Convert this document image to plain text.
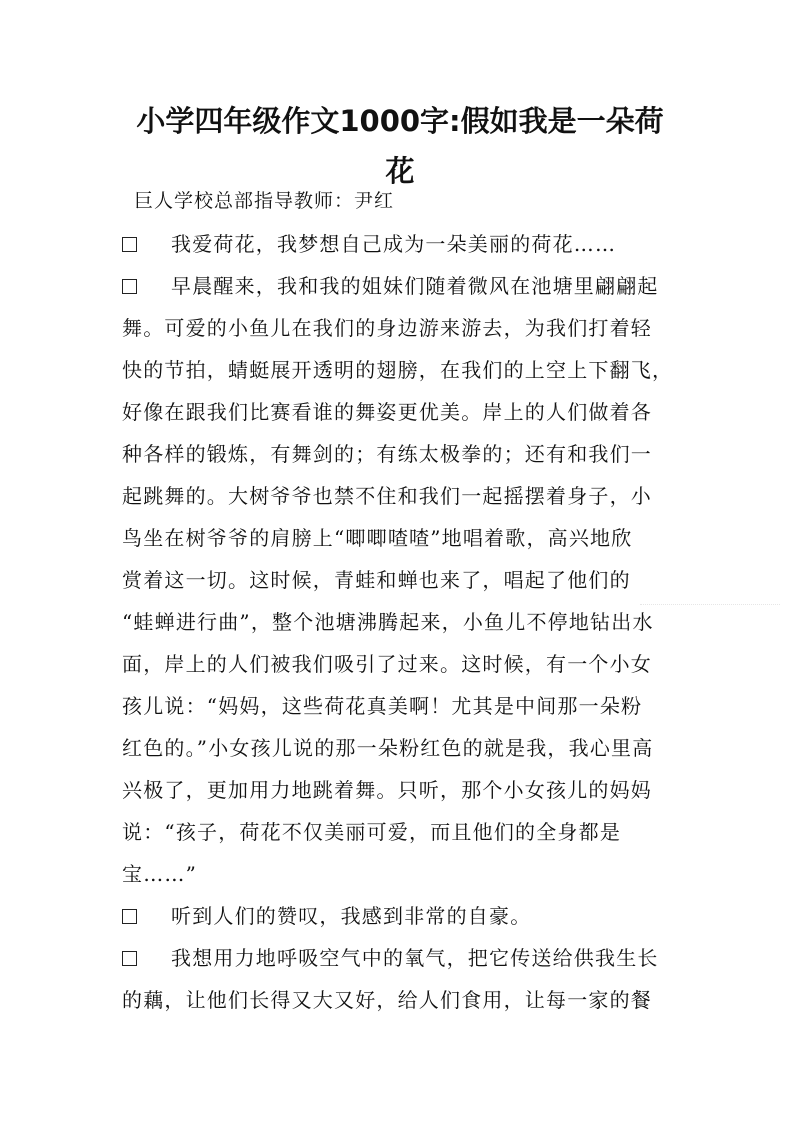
小学四年级作文1000字:假如我是一朵荷
花
巨人学校总部指导教师：尹红
我爱荷花，我梦想自己成为一朵美丽的荷花……
早晨醒来，我和我的姐妹们随着微风在池塘里翩翩起
舞。可爱的小鱼儿在我们的身边游来游去，为我们打着轻
快的节拍，蜻蜓展开透明的翅膀，在我们的上空上下翻飞，
好像在跟我们比赛看谁的舞姿更优美。岸上的人们做着各
种各样的锻炼，有舞剑的；有练太极拳的；还有和我们一
起跳舞的。大树爷爷也禁不住和我们一起摇摆着身子，小
鸟坐在树爷爷的肩膀上“唧唧喳喳”地唱着歌，高兴地欣
赏着这一切。这时候，青蛙和蝉也来了，唱起了他们的
“蛙蝉进行曲”，整个池塘沸腾起来，小鱼儿不停地钻出水
面，岸上的人们被我们吸引了过来。这时候，有一个小女
孩儿说：“妈妈，这些荷花真美啊！尤其是中间那一朵粉
红色的。”小女孩儿说的那一朵粉红色的就是我，我心里高
兴极了，更加用力地跳着舞。只听，那个小女孩儿的妈妈
说：“孩子，荷花不仅美丽可爱，而且他们的全身都是
宝……”
听到人们的赞叹，我感到非常的自豪。
我想用力地呼吸空气中的氧气，把它传送给供我生长
的藕，让他们长得又大又好，给人们食用，让每一家的餐
